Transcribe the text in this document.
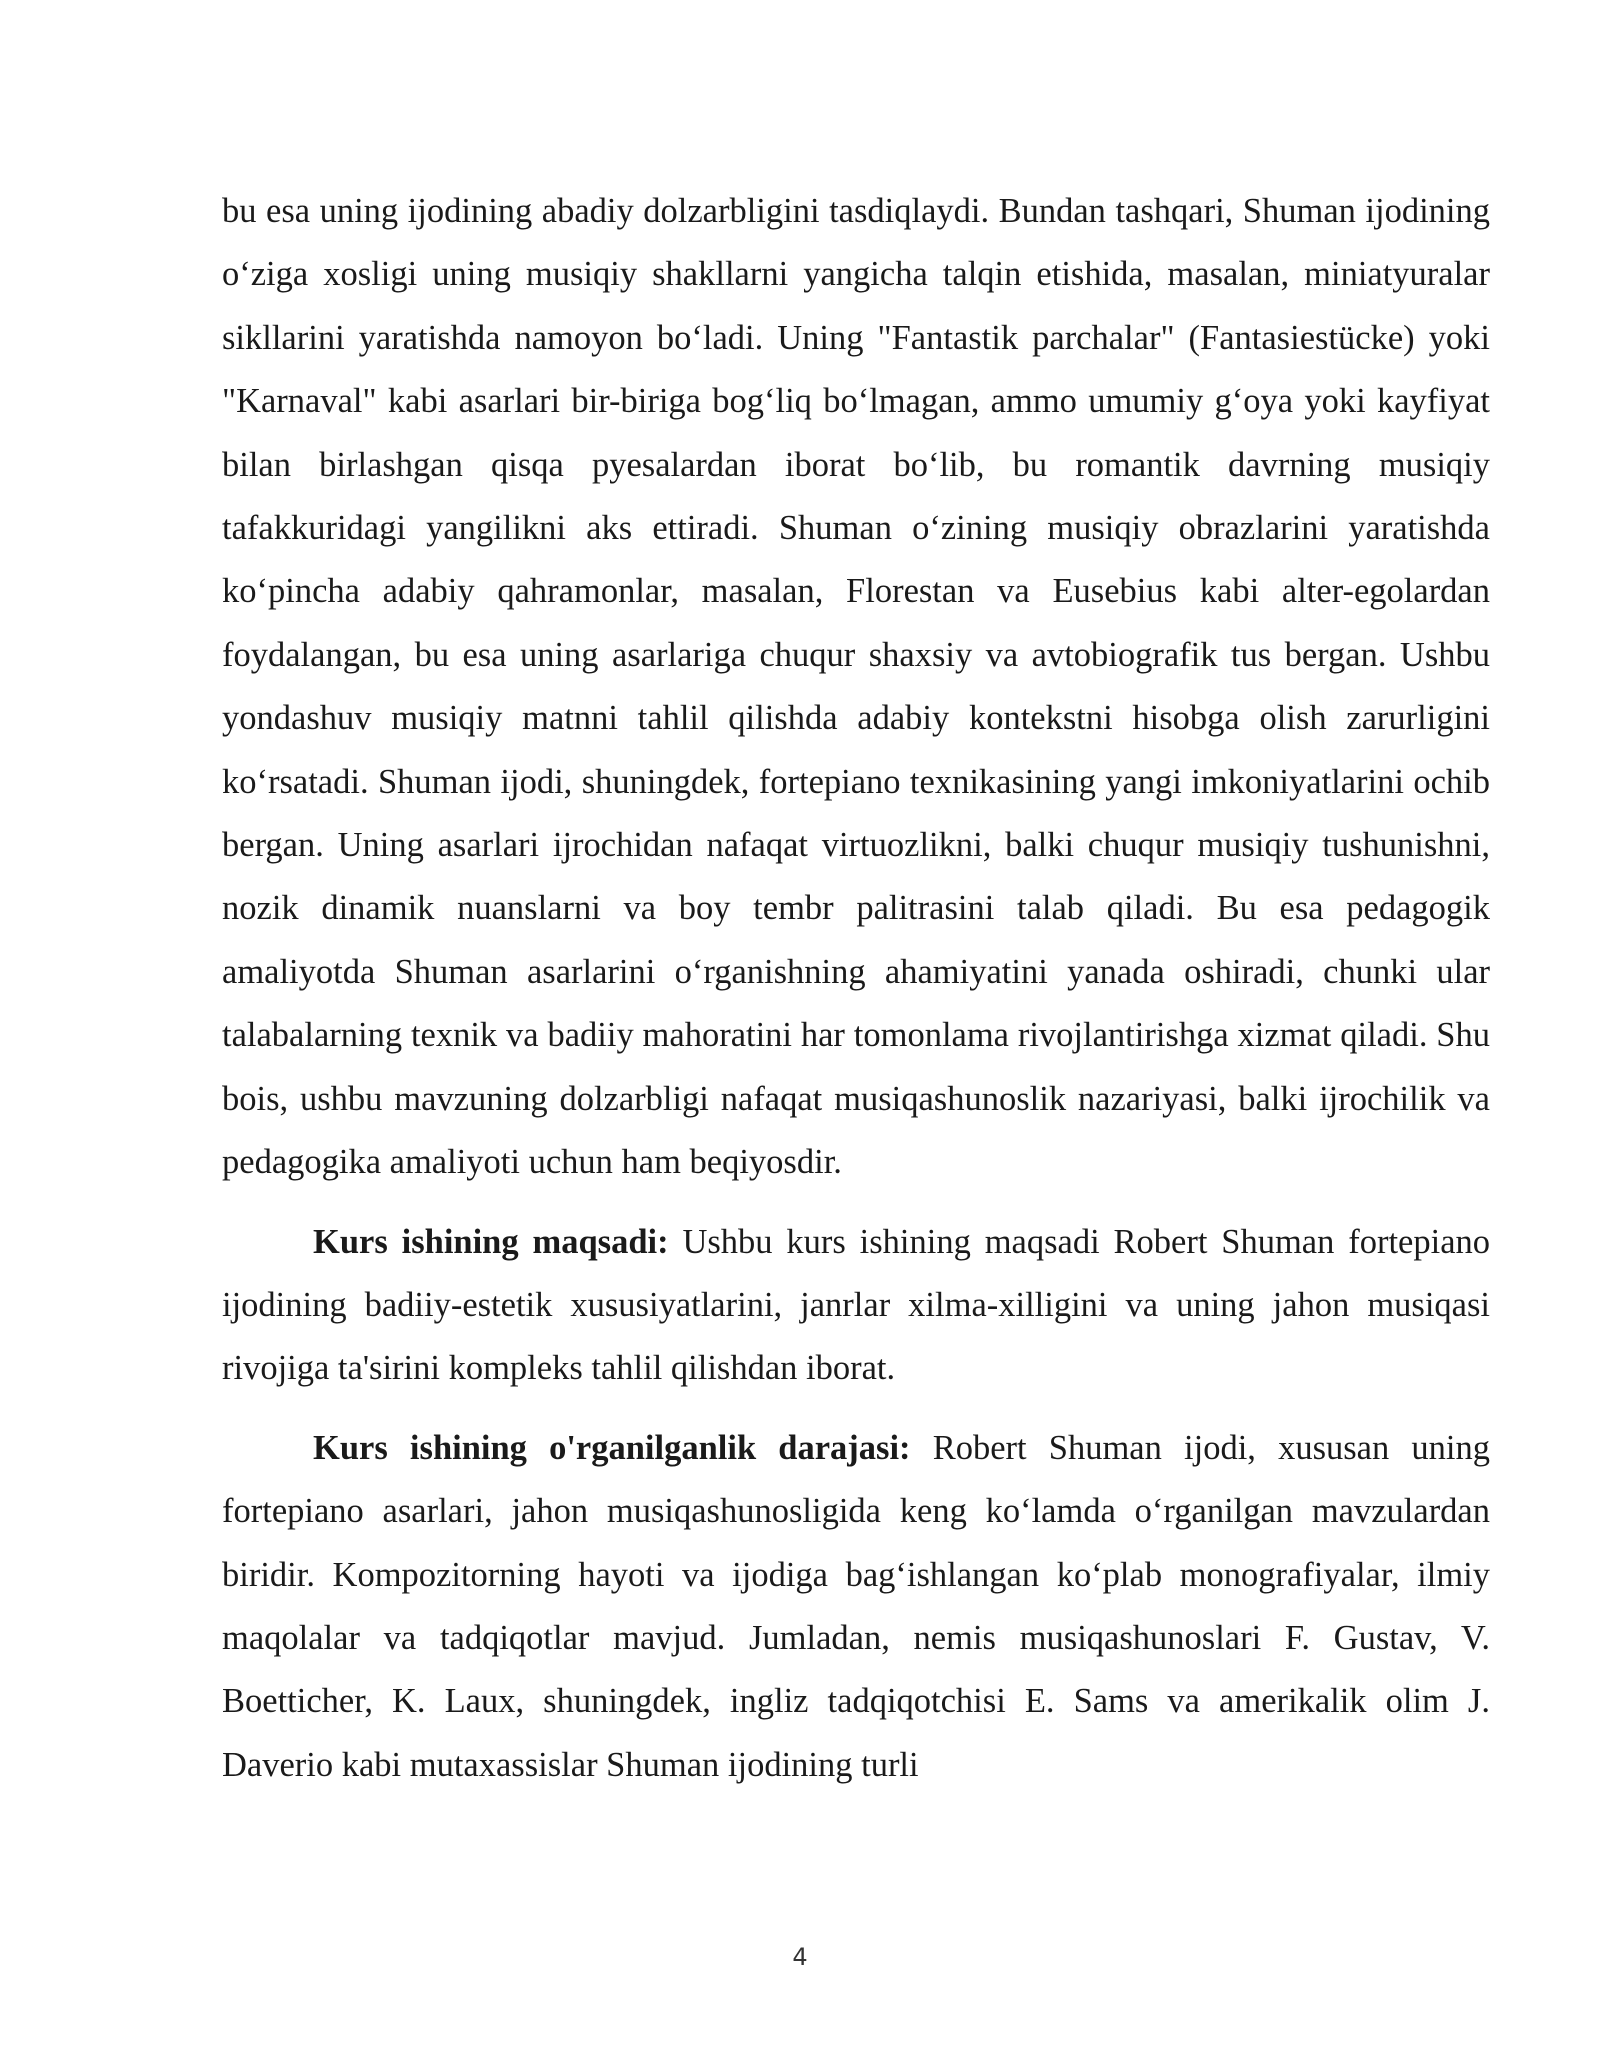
bu esa uning ijodining abadiy dolzarbligini tasdiqlaydi. Bundan tashqari, Shuman ijodining o‘ziga xosligi uning musiqiy shakllarni yangicha talqin etishida, masalan, miniatyuralar sikllarini yaratishda namoyon bo‘ladi. Uning "Fantastik parchalar" (Fantasiestücke) yoki "Karnaval" kabi asarlari bir-biriga bog‘liq bo‘lmagan, ammo umumiy g‘oya yoki kayfiyat bilan birlashgan qisqa pyesalardan iborat bo‘lib, bu romantik davrning musiqiy tafakkuridagi yangilikni aks ettiradi. Shuman o‘zining musiqiy obrazlarini yaratishda ko‘pincha adabiy qahramonlar, masalan, Florestan va Eusebius kabi alter-egolardan foydalangan, bu esa uning asarlariga chuqur shaxsiy va avtobiografik tus bergan. Ushbu yondashuv musiqiy matnni tahlil qilishda adabiy kontekstni hisobga olish zarurligini ko‘rsatadi. Shuman ijodi, shuningdek, fortepiano texnikasining yangi imkoniyatlarini ochib bergan. Uning asarlari ijrochidan nafaqat virtuozlikni, balki chuqur musiqiy tushunishni, nozik dinamik nuanslarni va boy tembr palitrasini talab qiladi. Bu esa pedagogik amaliyotda Shuman asarlarini o‘rganishning ahamiyatini yanada oshiradi, chunki ular talabalarning texnik va badiiy mahoratini har tomonlama rivojlantirishga xizmat qiladi. Shu bois, ushbu mavzuning dolzarbligi nafaqat musiqashunoslik nazariyasi, balki ijrochilik va pedagogika amaliyoti uchun ham beqiyosdir.

Kurs ishining maqsadi: Ushbu kurs ishining maqsadi Robert Shuman fortepiano ijodining badiiy-estetik xususiyatlarini, janrlar xilma-xilligini va uning jahon musiqasi rivojiga ta'sirini kompleks tahlil qilishdan iborat.

Kurs ishining o'rganilganlik darajasi: Robert Shuman ijodi, xususan uning fortepiano asarlari, jahon musiqashunosligida keng ko‘lamda o‘rganilgan mavzulardan biridir. Kompozitorning hayoti va ijodiga bag‘ishlangan ko‘plab monografiyalar, ilmiy maqolalar va tadqiqotlar mavjud. Jumladan, nemis musiqashunoslari F. Gustav, V. Boetticher, K. Laux, shuningdek, ingliz tadqiqotchisi E. Sams va amerikalik olim J. Daverio kabi mutaxassislar Shuman ijodining turli

4
